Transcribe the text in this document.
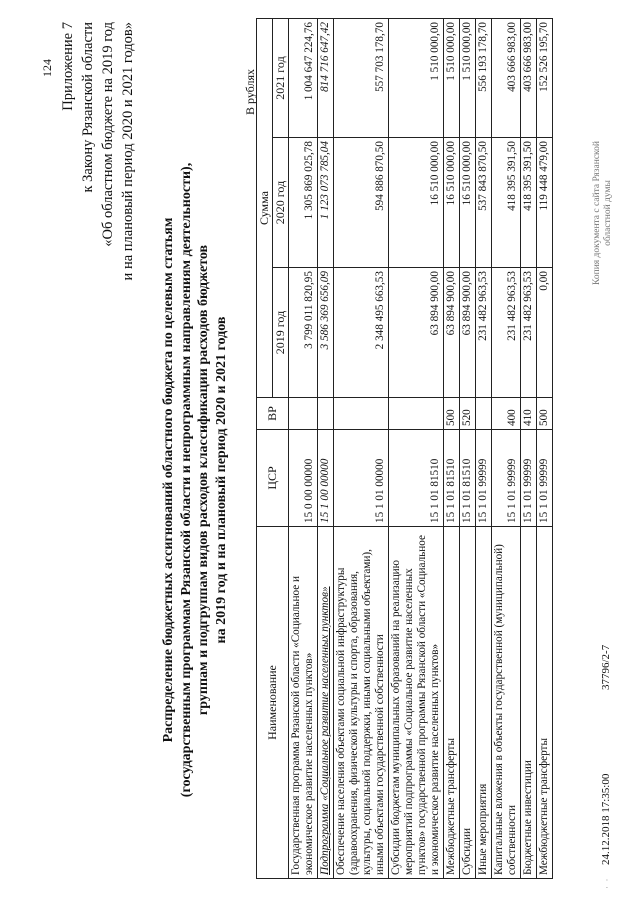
124 Приложение 7 к Закону Рязанской области «Об областном бюджете на 2019 год и на плановый период 2020 и 2021 годов»
Распределение бюджетных ассигнований областного бюджета по целевым статьям (государственным программам Рязанской области и непрограммным направлениям деятельности), группам и подгруппам видов расходов классификации расходов бюджетов на 2019 год и на плановый период 2020 и 2021 годов
В рублях
Наименование	ЦСР	ВР	Сумма		
			2019 год	2020 год	2021 год
Государственная программа Рязанской области «Социальное и экономическое развитие населенных пунктов»	15 0 00 00000		3 799 011 820,95	1 305 869 025,78	1 004 647 224,76
Подпрограмма «Социальное развитие населенных пунктов»	15 1 00 00000		3 586 369 656,09	1 123 073 785,04	814 716 647,42
Обеспечение населения объектами социальной инфраструктуры (здравоохранения, физической культуры и спорта, образования, культуры, социальной поддержки, иными социальными объектами), иными объектами государственной собственности	15 1 01 00000		2 348 495 663,53	594 886 870,50	557 703 178,70
Субсидии бюджетам муниципальных образований на реализацию мероприятий подпрограммы «Социальное развитие населенных пунктов» государственной программы Рязанской области «Социальное и экономическое развитие населенных пунктов»	15 1 01 81510		63 894 900,00	16 510 000,00	1 510 000,00
Межбюджетные трансферты	15 1 01 81510	500	63 894 900,00	16 510 000,00	1 510 000,00
Субсидии	15 1 01 81510	520	63 894 900,00	16 510 000,00	1 510 000,00
Иные мероприятия	15 1 01 99999		231 482 963,53	537 843 870,50	556 193 178,70
Капитальные вложения в объекты государственной (муниципальной) собственности	15 1 01 99999	400	231 482 963,53	418 395 391,50	403 666 983,00
Бюджетные инвестиции	15 1 01 99999	410	231 482 963,53	418 395 391,50	403 666 983,00
Межбюджетные трансферты	15 1 01 99999	500	0,00	119 448 479,00	152 526 195,70
·  ·
24.12.2018 17:35:00
37796/2-7
Копия документа с сайта Рязанской областной думы
